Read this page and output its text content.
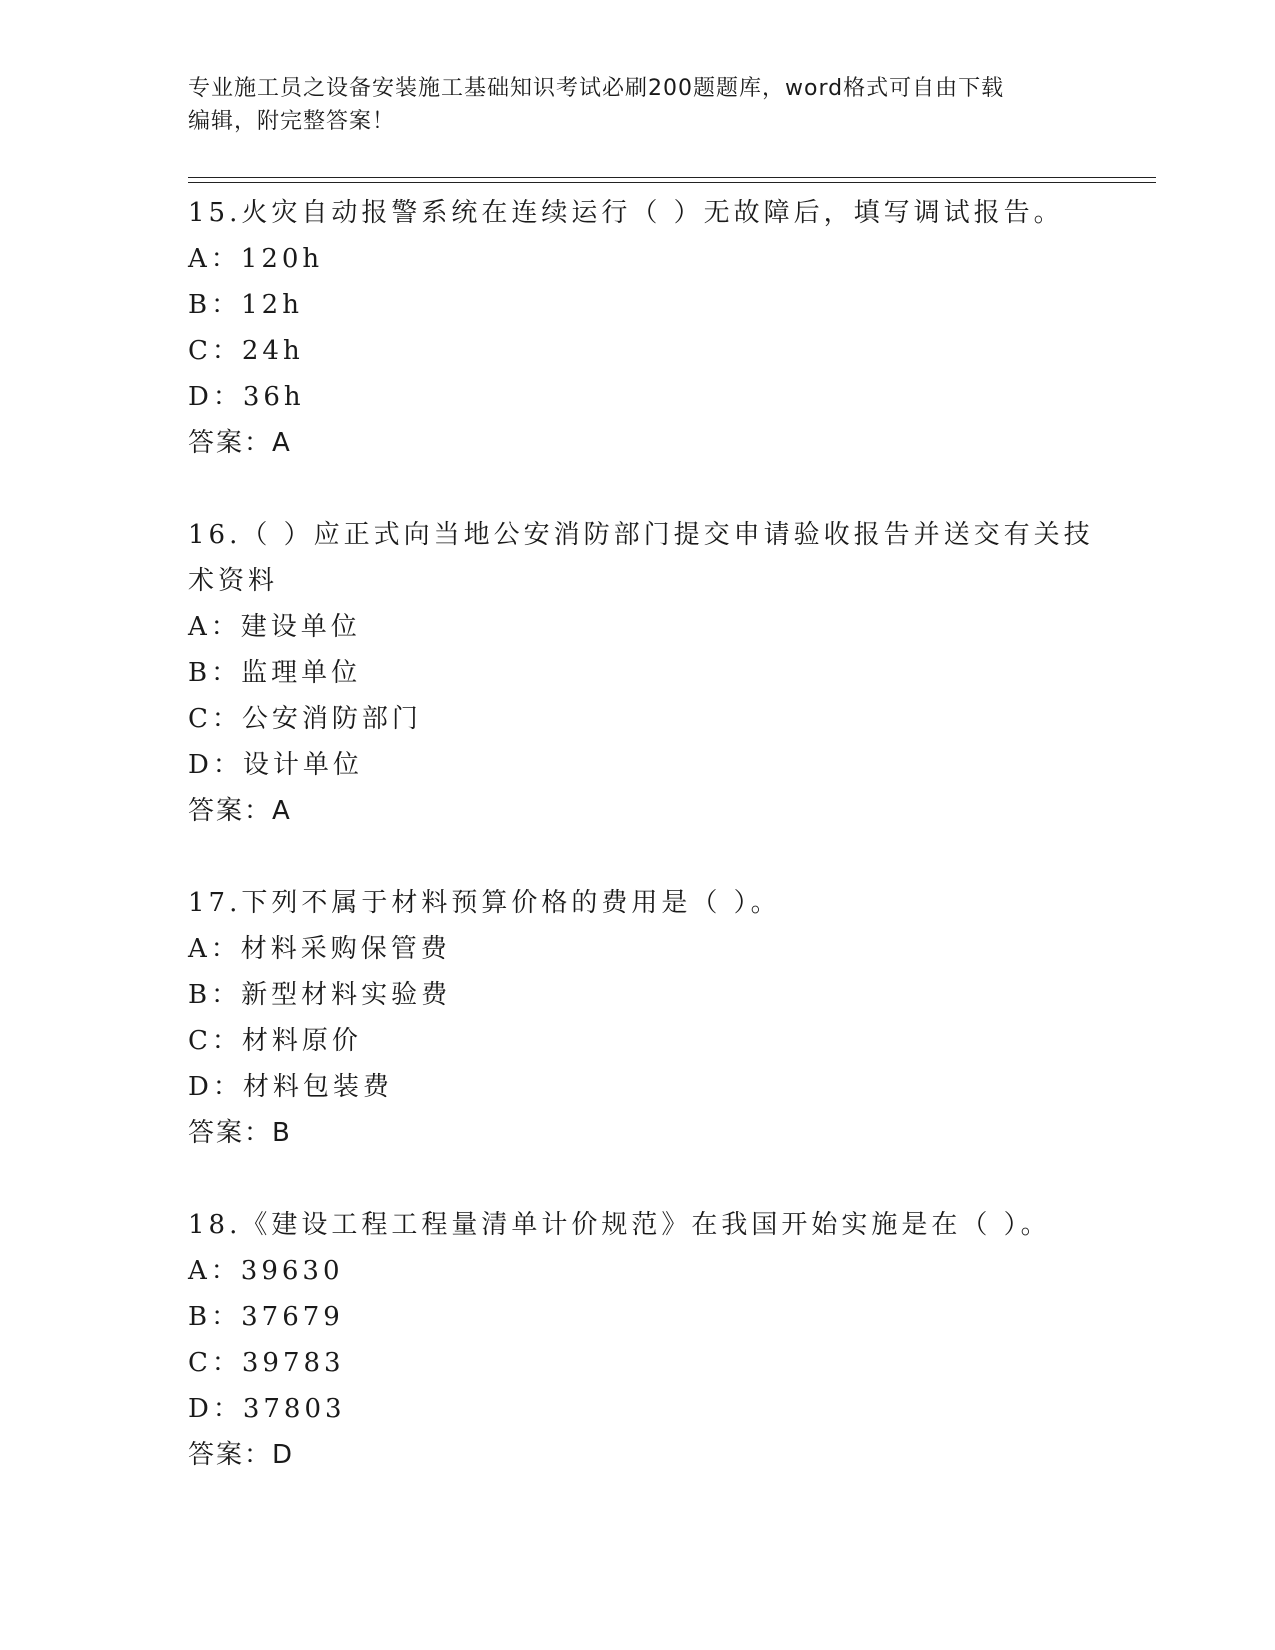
专业施工员之设备安装施工基础知识考试必刷200题题库，word格式可自由下载
编辑，附完整答案！
15.火灾自动报警系统在连续运行（ ）无故障后，填写调试报告。
A：120h
B：12h
C：24h
D：36h
答案：A
16.（ ）应正式向当地公安消防部门提交申请验收报告并送交有关技
术资料
A：建设单位
B：监理单位
C：公安消防部门
D：设计单位
答案：A
17.下列不属于材料预算价格的费用是（ ）。
A：材料采购保管费
B：新型材料实验费
C：材料原价
D：材料包装费
答案：B
18.《建设工程工程量清单计价规范》在我国开始实施是在（ ）。
A：39630
B：37679
C：39783
D：37803
答案：D
